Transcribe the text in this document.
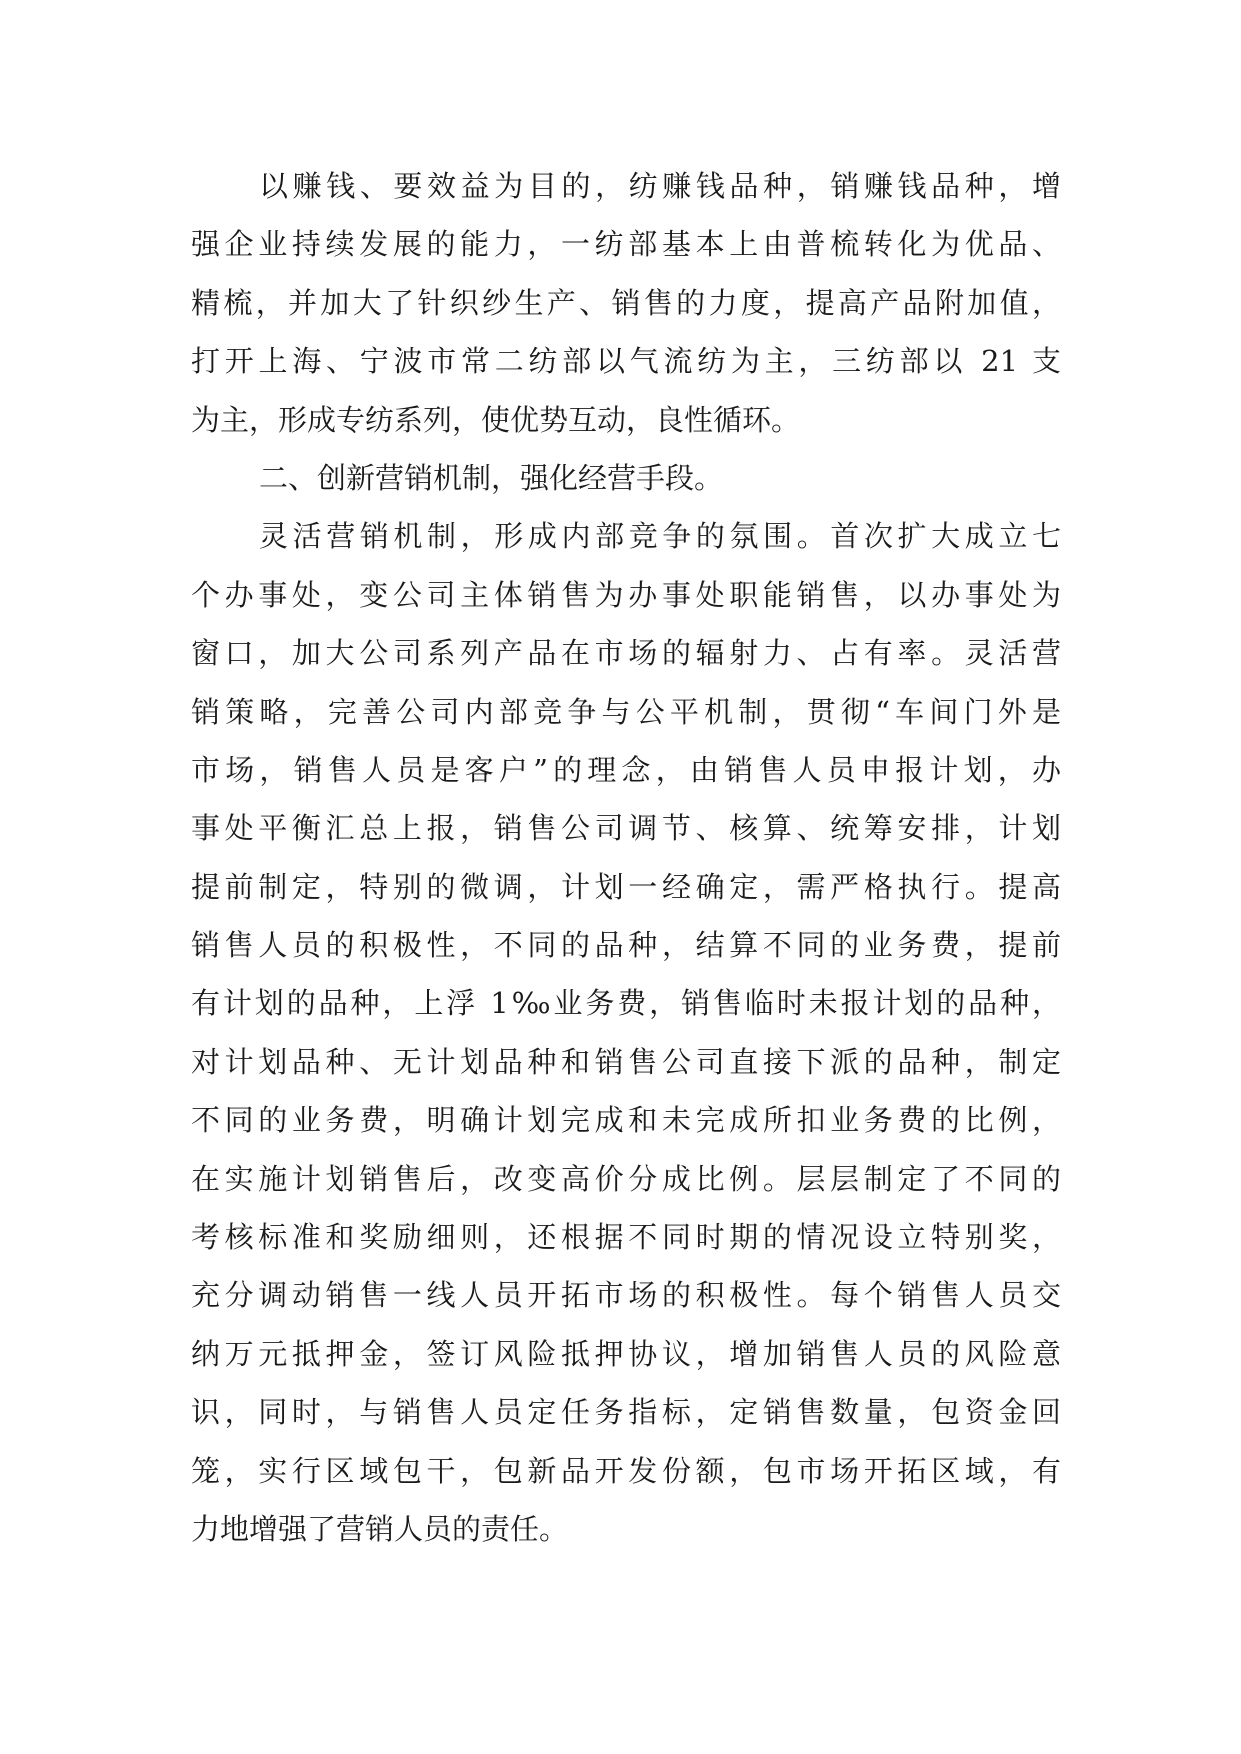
以赚钱、要效益为目的，纺赚钱品种，销赚钱品种，增
强企业持续发展的能力，一纺部基本上由普梳转化为优品、
精梳，并加大了针织纱生产、销售的力度，提高产品附加值，
打开上海、宁波市常二纺部以气流纺为主，三纺部以 21 支
为主，形成专纺系列，使优势互动，良性循环。
二、创新营销机制，强化经营手段。
灵活营销机制，形成内部竞争的氛围。首次扩大成立七
个办事处，变公司主体销售为办事处职能销售，以办事处为
窗口，加大公司系列产品在市场的辐射力、占有率。灵活营
销策略，完善公司内部竞争与公平机制，贯彻“车间门外是
市场，销售人员是客户”的理念，由销售人员申报计划，办
事处平衡汇总上报，销售公司调节、核算、统筹安排，计划
提前制定，特别的微调，计划一经确定，需严格执行。提高
销售人员的积极性，不同的品种，结算不同的业务费，提前
有计划的品种，上浮 1‰业务费，销售临时未报计划的品种，
对计划品种、无计划品种和销售公司直接下派的品种，制定
不同的业务费，明确计划完成和未完成所扣业务费的比例，
在实施计划销售后，改变高价分成比例。层层制定了不同的
考核标准和奖励细则，还根据不同时期的情况设立特别奖，
充分调动销售一线人员开拓市场的积极性。每个销售人员交
纳万元抵押金，签订风险抵押协议，增加销售人员的风险意
识，同时，与销售人员定任务指标，定销售数量，包资金回
笼，实行区域包干，包新品开发份额，包市场开拓区域，有
力地增强了营销人员的责任。
